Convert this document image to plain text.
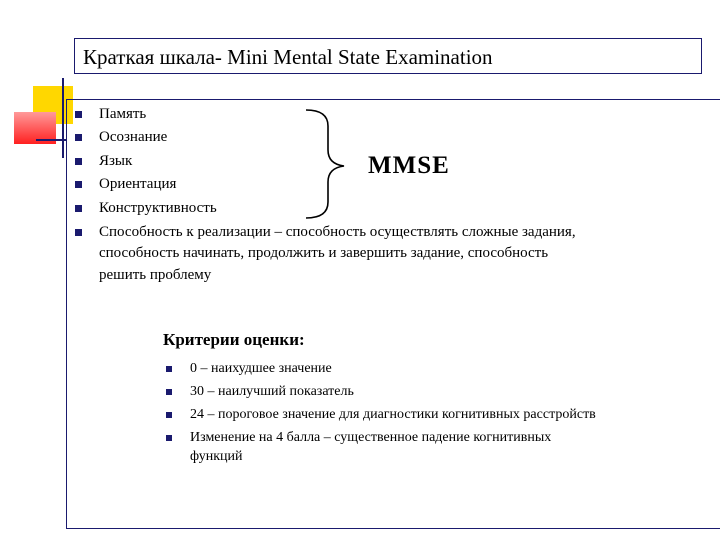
Краткая шкала- Mini Mental State Examination
Память
Осознание
Язык
Ориентация
Конструктивность
Способность к реализации – способность осуществлять сложные задания,
способность начинать, продолжить и завершить задание, способность
решить проблему
MMSE
Критерии оценки:
0 – наихудшее значение
30 – наилучший показатель
24 – пороговое значение для диагностики когнитивных расстройств
Изменение на 4 балла – существенное падение когнитивных
функций
